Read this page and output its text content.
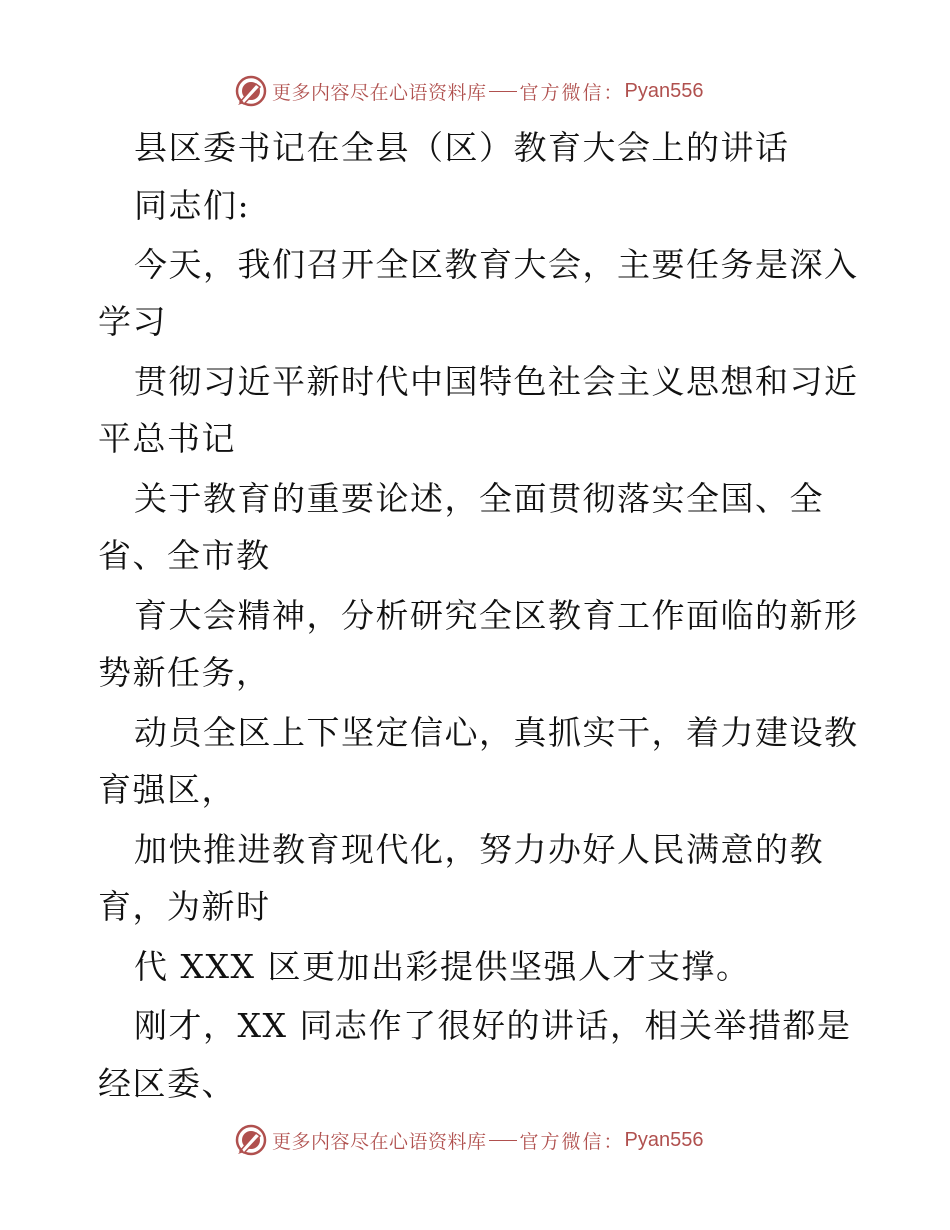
更多内容尽在心语资料库 官方微信： Pyan556
县区委书记在全县（区）教育大会上的讲话
同志们:
今天，我们召开全区教育大会，主要任务是深入
学习
贯彻习近平新时代中国特色社会主义思想和习近
平总书记
关于教育的重要论述，全面贯彻落实全国、全
省、全市教
育大会精神，分析研究全区教育工作面临的新形
势新任务，
动员全区上下坚定信心，真抓实干，着力建设教
育强区，
加快推进教育现代化，努力办好人民满意的教
育，为新时
代 XXX 区更加出彩提供坚强人才支撑。
刚才，XX 同志作了很好的讲话，相关举措都是
经区委、
更多内容尽在心语资料库 官方微信： Pyan556
